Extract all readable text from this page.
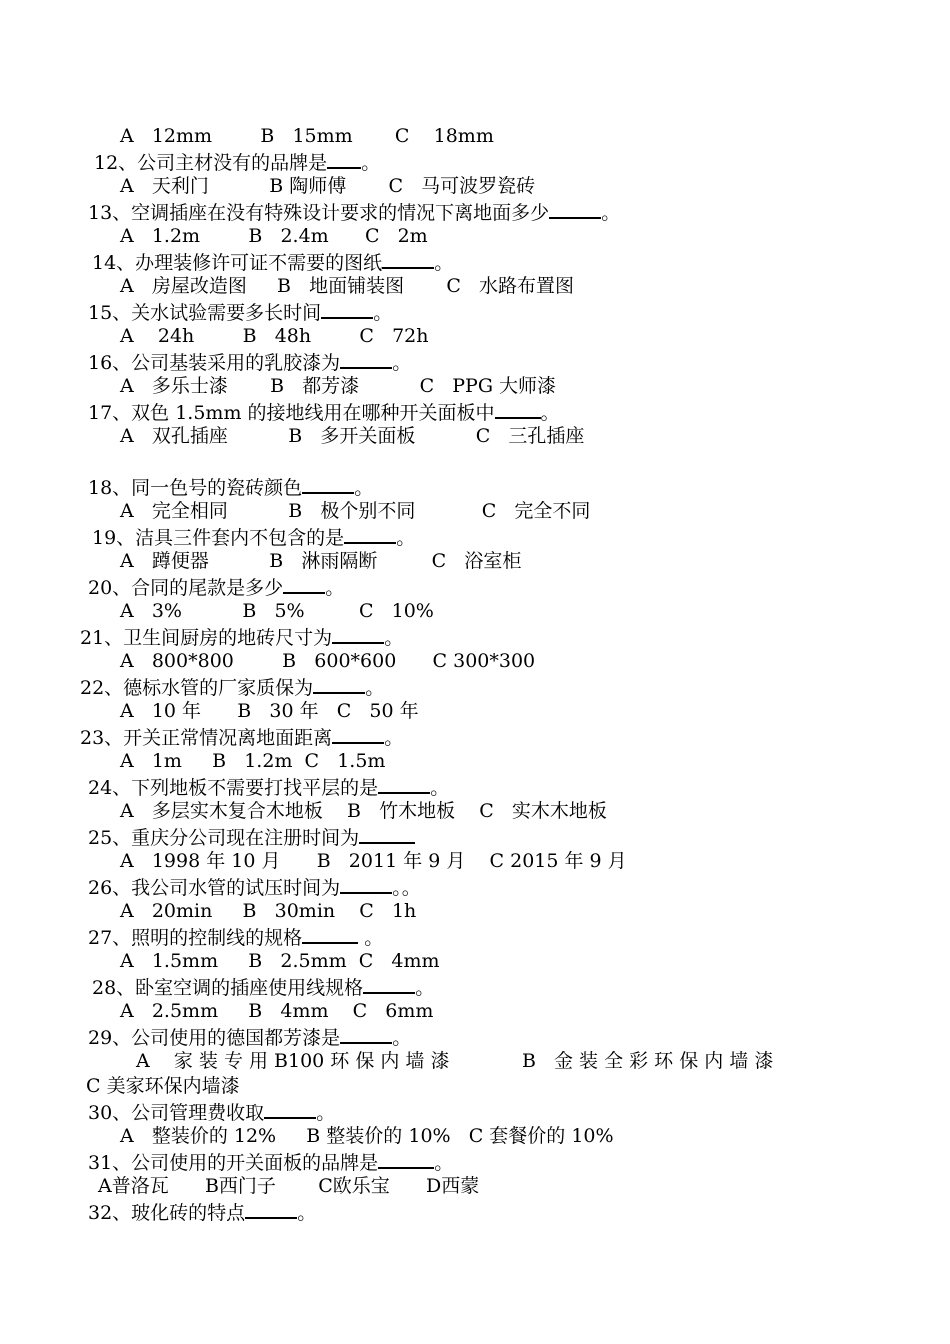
A   12mm        B   15mm       C    18mm
12、公司主材没有的品牌是 。
A   天利门          B 陶师傅       C   马可波罗瓷砖
13、空调插座在没有特殊设计要求的情况下离地面多少	。
A   1.2m        B   2.4m      C   2m
14、办理装修许可证不需要的图纸	。
A   房屋改造图     B   地面铺装图       C   水路布置图
15、关水试验需要多长时间	。
A    24h        B   48h        C   72h
16、公司基装采用的乳胶漆为	。
A   多乐士漆       B   都芳漆          C   PPG 大师漆
17、双色 1.5mm 的接地线用在哪种开关面板中 。
A   双孔插座          B   多开关面板          C   三孔插座
18、同一色号的瓷砖颜色	。
A   完全相同          B   极个别不同           C   完全不同
19、洁具三件套内不包含的是	。
A   蹲便器          B   淋雨隔断         C   浴室柜
20、合同的尾款是多少 。
A   3%          B   5%         C   10%
21、卫生间厨房的地砖尺寸为	。
A   800*800        B   600*600      C 300*300
22、德标水管的厂家质保为	。
A   10 年      B   30 年   C   50 年
23、开关正常情况离地面距离	。
A   1m     B   1.2m  C   1.5m
24、下列地板不需要打找平层的是	。
A   多层实木复合木地板    B   竹木地板    C   实木木地板
25、重庆分公司现在注册时间为
A   1998 年 10 月      B   2011 年 9 月    C 2015 年 9 月
26、我公司水管的试压时间为	。。
A   20min     B   30min    C   1h
27、照明的控制线的规格	。
A   1.5mm     B   2.5mm  C   4mm
28、卧室空调的插座使用线规格	。
A   2.5mm     B   4mm    C   6mm
29、公司使用的德国都芳漆是	。
A    家 装 专 用 B100 环 保 内 墙 漆            B   金 装 全 彩 环 保 内 墙 漆
C 美家环保内墙漆
30、公司管理费收取	。
A   整装价的 12%     B 整装价的 10%   C 套餐价的 10%
31、公司使用的开关面板的品牌是	。
A普洛瓦      B西门子       C欧乐宝      D西蒙
32、玻化砖的特点	。
